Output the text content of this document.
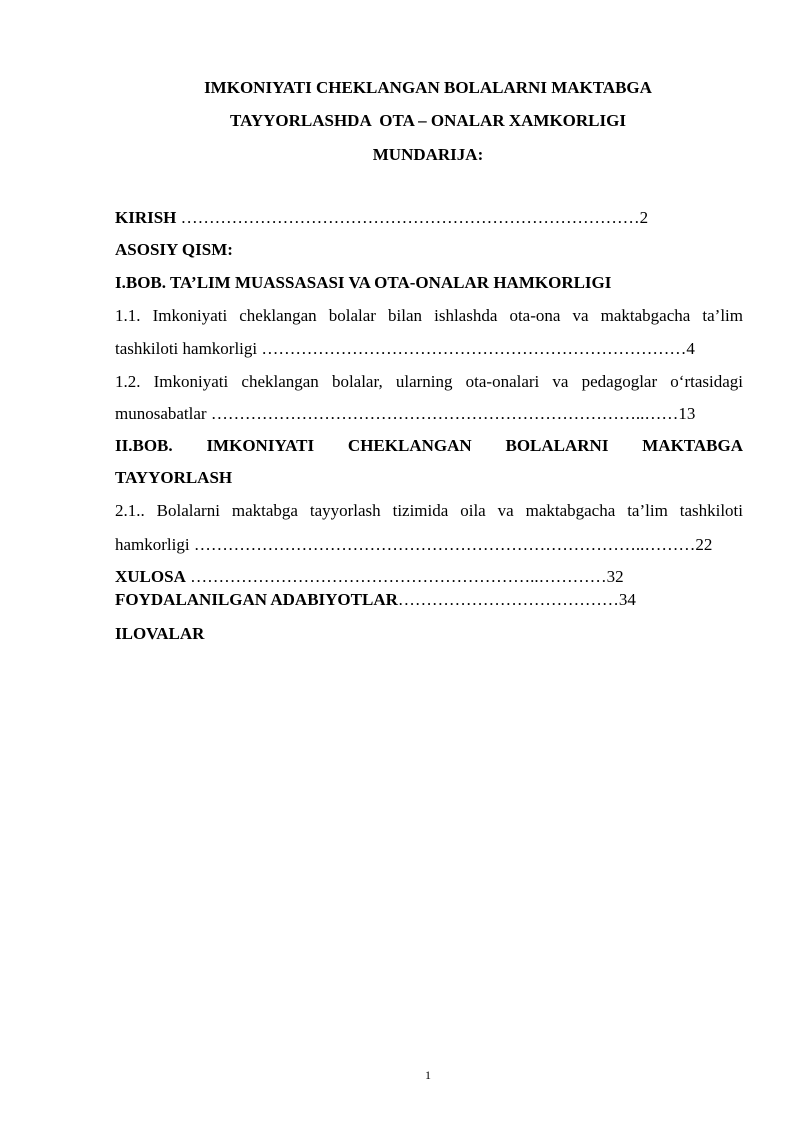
IMKONIYATI CHEKLANGAN BOLALARNI MAKTABGA
TAYYORLASHDA  OTA – ONALAR XAMKORLIGI
MUNDARIJA:
KIRISH ………………………………………………………………………2
ASOSIY QISM:
I.BOB. TA’LIM MUASSASASI VA OTA-ONALAR HAMKORLIGI
1.1. Imkoniyati cheklangan bolalar bilan ishlashda ota-ona va maktabgacha ta’lim
tashkiloti hamkorligi …………………………………………………………………4
1.2. Imkoniyati cheklangan bolalar, ularning ota-onalari va pedagoglar o‘rtasidagi
munosabatlar …………………………………………………………………..……13
II.BOB. IMKONIYATI CHEKLANGAN BOLALARNI MAKTABGA
TAYYORLASH
2.1.. Bolalarni maktabga tayyorlash tizimida oila va maktabgacha ta’lim tashkiloti
hamkorligi ……………………………………………………………………..………22
XULOSA ……………………………………………………..…………32
FOYDALANILGAN ADABIYOTLAR…………………………………34
ILOVALAR
1
